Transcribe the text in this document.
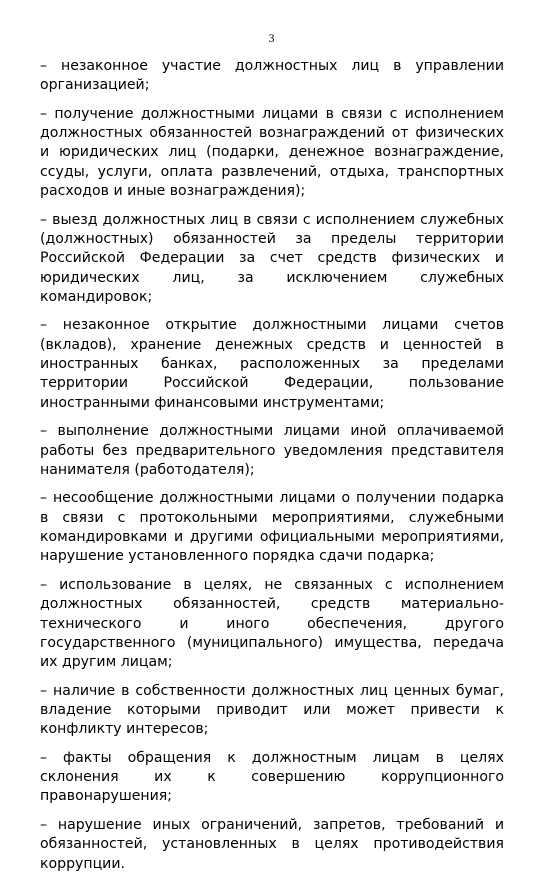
3

– незаконное участие должностных лиц в управлении организацией;

– получение должностными лицами в связи с исполнением должностных обязанностей вознаграждений от физических и юридических лиц (подарки, денежное вознаграждение, ссуды, услуги, оплата развлечений, отдыха, транспортных расходов и иные вознаграждения);

– выезд должностных лиц в связи с исполнением служебных (должностных) обязанностей за пределы территории Российской Федерации за счет средств физических и юридических лиц, за исключением служебных командировок;

– незаконное открытие должностными лицами счетов (вкладов), хранение денежных средств и ценностей в иностранных банках, расположенных за пределами территории Российской Федерации, пользование иностранными финансовыми инструментами;

– выполнение должностными лицами иной оплачиваемой работы без предварительного уведомления представителя нанимателя (работодателя);

– несообщение должностными лицами о получении подарка в связи с протокольными мероприятиями, служебными командировками и другими официальными мероприятиями, нарушение установленного порядка сдачи подарка;

– использование в целях, не связанных с исполнением должностных обязанностей, средств материально-технического и иного обеспечения, другого государственного (муниципального) имущества, передача их другим лицам;

– наличие в собственности должностных лиц ценных бумаг, владение которыми приводит или может привести к конфликту интересов;

– факты обращения к должностным лицам в целях склонения их к совершению коррупционного правонарушения;

– нарушение иных ограничений, запретов, требований и обязанностей, установленных в целях противодействия коррупции.
